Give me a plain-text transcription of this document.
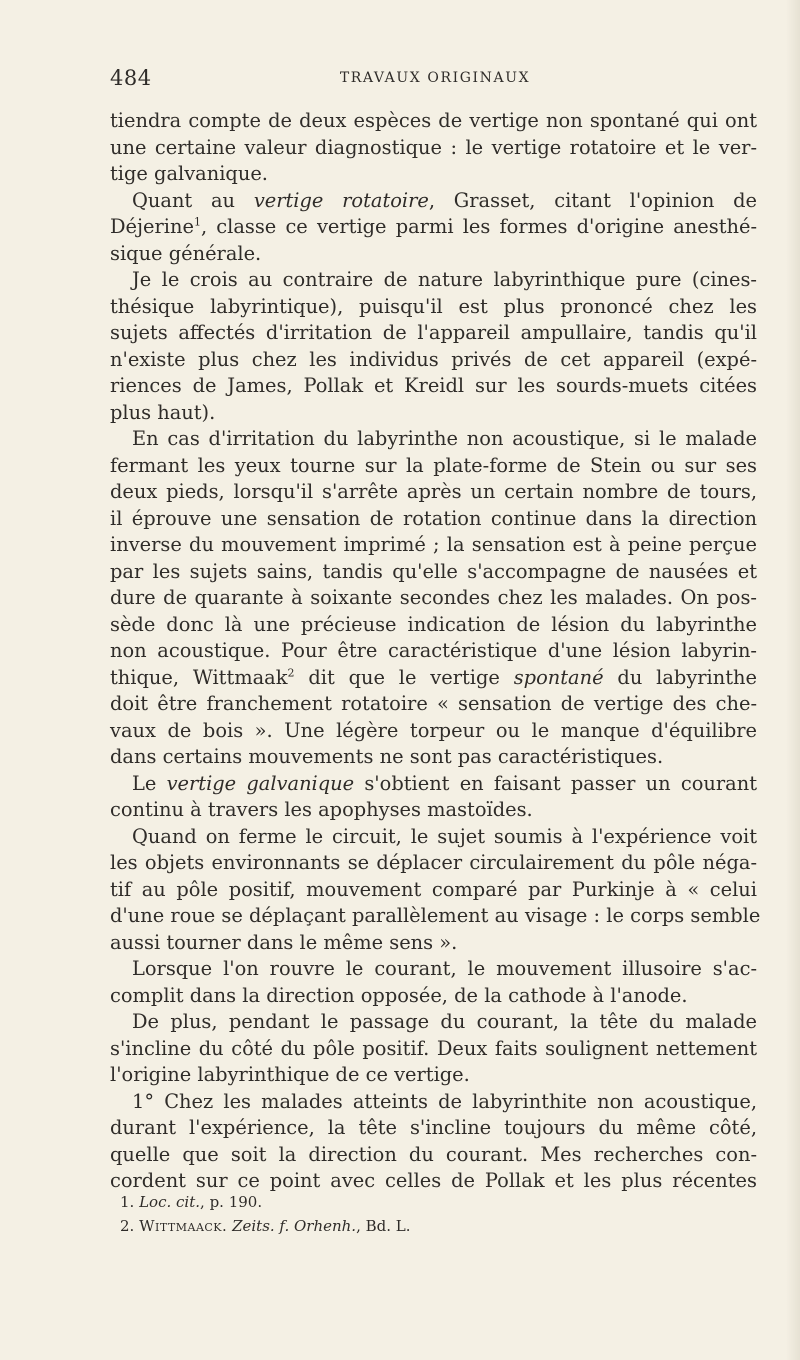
484	TRAVAUX ORIGINAUX
tiendra compte de deux espèces de vertige non spontané qui ont
une certaine valeur diagnostique : le vertige rotatoire et le ver-
tige galvanique.
Quant au vertige rotatoire, Grasset, citant l'opinion de
Déjerine$^1$, classe ce vertige parmi les formes d'origine anesthé-
sique générale.
Je le crois au contraire de nature labyrinthique pure (cines-
thésique labyrintique), puisqu'il est plus prononcé chez les
sujets affectés d'irritation de l'appareil ampullaire, tandis qu'il
n'existe plus chez les individus privés de cet appareil (expé-
riences de James, Pollak et Kreidl sur les sourds-muets citées
plus haut).
En cas d'irritation du labyrinthe non acoustique, si le malade
fermant les yeux tourne sur la plate-forme de Stein ou sur ses
deux pieds, lorsqu'il s'arrête après un certain nombre de tours,
il éprouve une sensation de rotation continue dans la direction
inverse du mouvement imprimé ; la sensation est à peine perçue
par les sujets sains, tandis qu'elle s'accompagne de nausées et
dure de quarante à soixante secondes chez les malades. On pos-
sède donc là une précieuse indication de lésion du labyrinthe
non acoustique. Pour être caractéristique d'une lésion labyrin-
thique, Wittmaak$^2$ dit que le vertige spontané du labyrinthe
doit être franchement rotatoire « sensation de vertige des che-
vaux de bois ». Une légère torpeur ou le manque d'équilibre
dans certains mouvements ne sont pas caractéristiques.
Le vertige galvanique s'obtient en faisant passer un courant
continu à travers les apophyses mastoïdes.
Quand on ferme le circuit, le sujet soumis à l'expérience voit
les objets environnants se déplacer circulairement du pôle néga-
tif au pôle positif, mouvement comparé par Purkinje à « celui
d'une roue se déplaçant parallèlement au visage : le corps semble
aussi tourner dans le même sens ».
Lorsque l'on rouvre le courant, le mouvement illusoire s'ac-
complit dans la direction opposée, de la cathode à l'anode.
De plus, pendant le passage du courant, la tête du malade
s'incline du côté du pôle positif. Deux faits soulignent nettement
l'origine labyrinthique de ce vertige.
1° Chez les malades atteints de labyrinthite non acoustique,
durant l'expérience, la tête s'incline toujours du même côté,
quelle que soit la direction du courant. Mes recherches con-
cordent sur ce point avec celles de Pollak et les plus récentes
1. Loc. cit., p. 190.
2. Wittmaack. Zeits. f. Orhenh., Bd. L.
